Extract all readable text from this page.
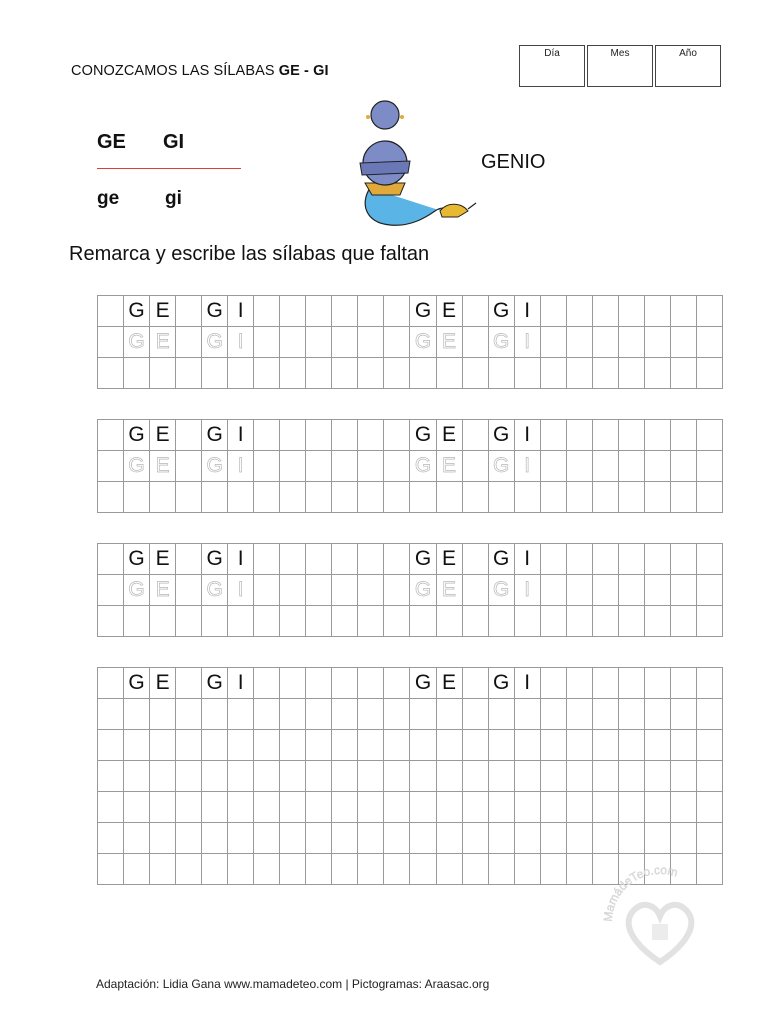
CONOZCAMOS LAS SÍLABAS GE - GI
Día	Mes	Año
GE GI
ge gi
GENIO
Remarca y escribe las sílabas que faltan
G E	G I	G E	G I
G E	G I	G E	G I
G E	G I	G E	G I
G E	G I	G E	G I
G E	G I	G E	G I
G E	G I	G E	G I
G E	G I	G E	G I
MamádeTeo.com
Adaptación: Lidia Gana www.mamadeteo.com | Pictogramas: Araasac.org
